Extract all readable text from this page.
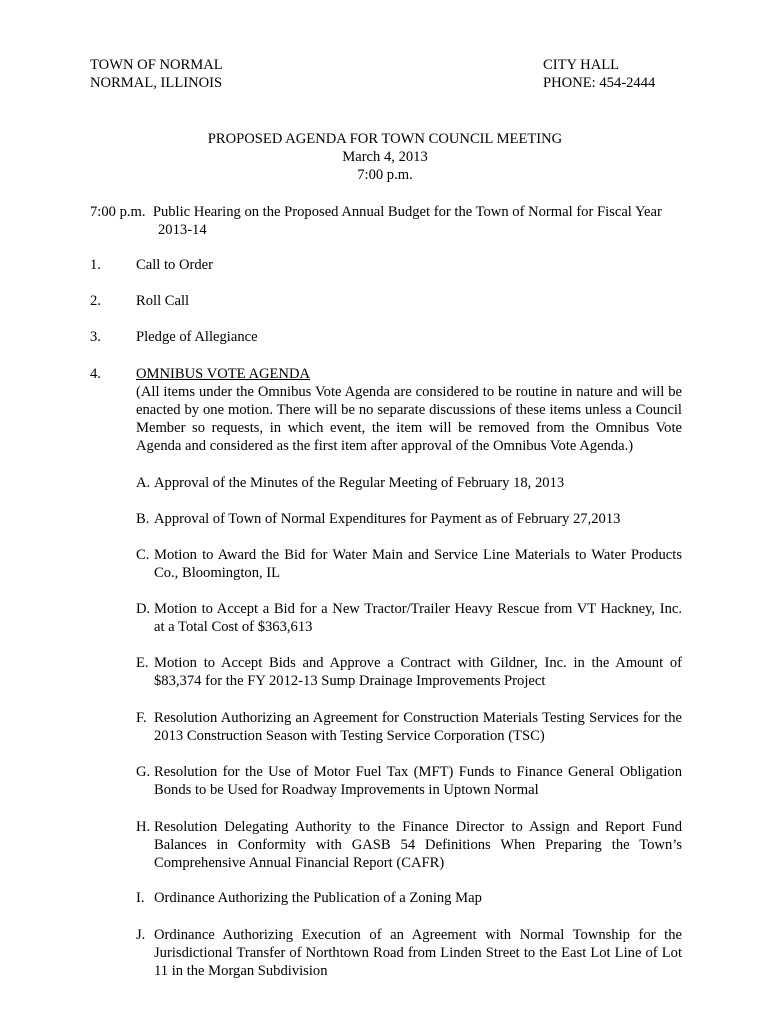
TOWN OF NORMAL
NORMAL, ILLINOIS
CITY HALL
PHONE: 454-2444
PROPOSED AGENDA FOR TOWN COUNCIL MEETING
March 4, 2013
7:00 p.m.
7:00 p.m. Public Hearing on the Proposed Annual Budget for the Town of Normal for Fiscal Year
2013-14
1. Call to Order
2. Roll Call
3. Pledge of Allegiance
4. OMNIBUS VOTE AGENDA
(All items under the Omnibus Vote Agenda are considered to be routine in nature and will be enacted by one motion. There will be no separate discussions of these items unless a Council Member so requests, in which event, the item will be removed from the Omnibus Vote Agenda and considered as the first item after approval of the Omnibus Vote Agenda.)
A. Approval of the Minutes of the Regular Meeting of February 18, 2013
B. Approval of Town of Normal Expenditures for Payment as of February 27,2013
C. Motion to Award the Bid for Water Main and Service Line Materials to Water Products Co., Bloomington, IL
D. Motion to Accept a Bid for a New Tractor/Trailer Heavy Rescue from VT Hackney, Inc. at a Total Cost of $363,613
E. Motion to Accept Bids and Approve a Contract with Gildner, Inc. in the Amount of $83,374 for the FY 2012-13 Sump Drainage Improvements Project
F. Resolution Authorizing an Agreement for Construction Materials Testing Services for the 2013 Construction Season with Testing Service Corporation (TSC)
G. Resolution for the Use of Motor Fuel Tax (MFT) Funds to Finance General Obligation Bonds to be Used for Roadway Improvements in Uptown Normal
H. Resolution Delegating Authority to the Finance Director to Assign and Report Fund Balances in Conformity with GASB 54 Definitions When Preparing the Town’s Comprehensive Annual Financial Report (CAFR)
I. Ordinance Authorizing the Publication of a Zoning Map
J. Ordinance Authorizing Execution of an Agreement with Normal Township for the Jurisdictional Transfer of Northtown Road from Linden Street to the East Lot Line of Lot 11 in the Morgan Subdivision
